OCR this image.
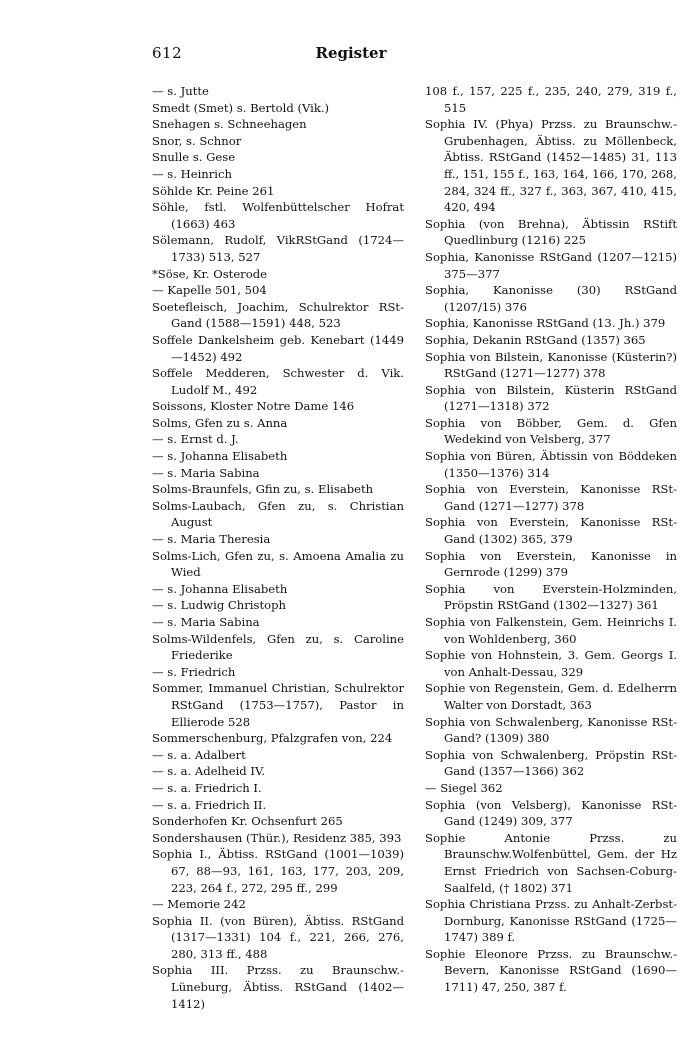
612	Register
— s. Jutte
Smedt (Smet) s. Bertold (Vik.)
Snehagen s. Schneehagen
Snor, s. Schnor
Snulle s. Gese
— s. Heinrich
Söhlde Kr. Peine 261
Söhle, fstl. Wolfenbüttelscher Hofrat (1663) 463
Sölemann, Rudolf, VikRStGand (1724—1733) 513, 527
*Söse, Kr. Osterode
— Kapelle 501, 504
Soetefleisch, Joachim, Schulrektor RSt-Gand (1588—1591) 448, 523
Soffele Dankelsheim geb. Kenebart (1449—1452) 492
Soffele Medderen, Schwester d. Vik. Ludolf M., 492
Soissons, Kloster Notre Dame 146
Solms, Gfen zu s. Anna
— s. Ernst d. J.
— s. Johanna Elisabeth
— s. Maria Sabina
Solms-Braunfels, Gfin zu, s. Elisabeth
Solms-Laubach, Gfen zu, s. Christian August
— s. Maria Theresia
Solms-Lich, Gfen zu, s. Amoena Amalia zu Wied
— s. Johanna Elisabeth
— s. Ludwig Christoph
— s. Maria Sabina
Solms-Wildenfels, Gfen zu, s. Caroline Friederike
— s. Friedrich
Sommer, Immanuel Christian, Schulrektor RStGand (1753—1757), Pastor in Ellierode 528
Sommerschenburg, Pfalzgrafen von, 224
— s. a. Adalbert
— s. a. Adelheid IV.
— s. a. Friedrich I.
— s. a. Friedrich II.
Sonderhofen Kr. Ochsenfurt 265
Sondershausen (Thür.), Residenz 385, 393
Sophia I., Äbtiss. RStGand (1001—1039) 67, 88—93, 161, 163, 177, 203, 209, 223, 264 f., 272, 295 ff., 299
— Memorie 242
Sophia II. (von Büren), Äbtiss. RStGand (1317—1331) 104 f., 221, 266, 276, 280, 313 ff., 488
Sophia III. Przss. zu Braunschw.-Lüneburg, Äbtiss. RStGand (1402—1412)
108 f., 157, 225 f., 235, 240, 279, 319 f., 515
Sophia IV. (Phya) Przss. zu Braunschw.-Grubenhagen, Äbtiss. zu Möllenbeck, Äbtiss. RStGand (1452—1485) 31, 113 ff., 151, 155 f., 163, 164, 166, 170, 268, 284, 324 ff., 327 f., 363, 367, 410, 415, 420, 494
Sophia (von Brehna), Äbtissin RStift Quedlinburg (1216) 225
Sophia, Kanonisse RStGand (1207—1215) 375—377
Sophia, Kanonisse (30) RStGand (1207/15) 376
Sophia, Kanonisse RStGand (13. Jh.) 379
Sophia, Dekanin RStGand (1357) 365
Sophia von Bilstein, Kanonisse (Küsterin?) RStGand (1271—1277) 378
Sophia von Bilstein, Küsterin RStGand (1271—1318) 372
Sophia von Böbber, Gem. d. Gfen Wedekind von Velsberg, 377
Sophia von Büren, Äbtissin von Böddeken (1350—1376) 314
Sophia von Everstein, Kanonisse RSt-Gand (1271—1277) 378
Sophia von Everstein, Kanonisse RSt-Gand (1302) 365, 379
Sophia von Everstein, Kanonisse in Gernrode (1299) 379
Sophia von Everstein-Holzminden, Pröpstin RStGand (1302—1327) 361
Sophia von Falkenstein, Gem. Heinrichs I. von Wohldenberg, 360
Sophie von Hohnstein, 3. Gem. Georgs I. von Anhalt-Dessau, 329
Sophie von Regenstein, Gem. d. Edelherrn Walter von Dorstadt, 363
Sophia von Schwalenberg, Kanonisse RSt-Gand? (1309) 380
Sophia von Schwalenberg, Pröpstin RSt-Gand (1357—1366) 362
— Siegel 362
Sophia (von Velsberg), Kanonisse RSt-Gand (1249) 309, 377
Sophie Antonie Przss. zu Braunschw.Wolfenbüttel, Gem. der Hz Ernst Friedrich von Sachsen-Coburg-Saalfeld, († 1802) 371
Sophia Christiana Przss. zu Anhalt-Zerbst-Dornburg, Kanonisse RStGand (1725—1747) 389 f.
Sophie Eleonore Przss. zu Braunschw.-Bevern, Kanonisse RStGand (1690—1711) 47, 250, 387 f.
